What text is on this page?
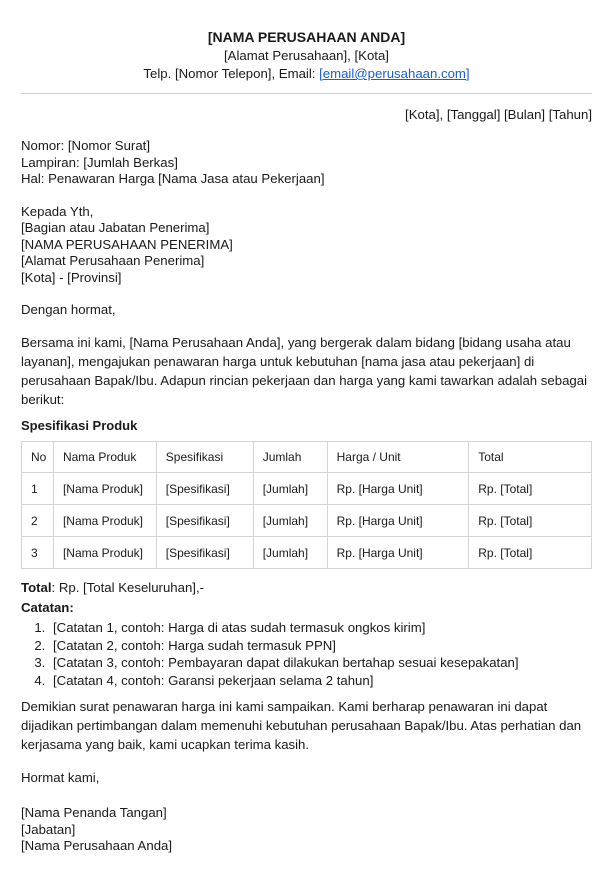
[NAMA PERUSAHAAN ANDA]
[Alamat Perusahaan], [Kota]
Telp. [Nomor Telepon], Email: [email@perusahaan.com]
[Kota], [Tanggal] [Bulan] [Tahun]
Nomor: [Nomor Surat]
Lampiran: [Jumlah Berkas]
Hal: Penawaran Harga [Nama Jasa atau Pekerjaan]
Kepada Yth,
[Bagian atau Jabatan Penerima]
[NAMA PERUSAHAAN PENERIMA]
[Alamat Perusahaan Penerima]
[Kota] - [Provinsi]
Dengan hormat,
Bersama ini kami, [Nama Perusahaan Anda], yang bergerak dalam bidang [bidang usaha atau layanan], mengajukan penawaran harga untuk kebutuhan [nama jasa atau pekerjaan] di perusahaan Bapak/Ibu. Adapun rincian pekerjaan dan harga yang kami tawarkan adalah sebagai berikut:
Spesifikasi Produk
No	Nama Produk	Spesifikasi	Jumlah	Harga / Unit	Total
1	[Nama Produk]	[Spesifikasi]	[Jumlah]	Rp. [Harga Unit]	Rp. [Total]
2	[Nama Produk]	[Spesifikasi]	[Jumlah]	Rp. [Harga Unit]	Rp. [Total]
3	[Nama Produk]	[Spesifikasi]	[Jumlah]	Rp. [Harga Unit]	Rp. [Total]
Total: Rp. [Total Keseluruhan],-
Catatan:
1. [Catatan 1, contoh: Harga di atas sudah termasuk ongkos kirim]
2. [Catatan 2, contoh: Harga sudah termasuk PPN]
3. [Catatan 3, contoh: Pembayaran dapat dilakukan bertahap sesuai kesepakatan]
4. [Catatan 4, contoh: Garansi pekerjaan selama 2 tahun]
Demikian surat penawaran harga ini kami sampaikan. Kami berharap penawaran ini dapat dijadikan pertimbangan dalam memenuhi kebutuhan perusahaan Bapak/Ibu. Atas perhatian dan kerjasama yang baik, kami ucapkan terima kasih.
Hormat kami,
[Nama Penanda Tangan]
[Jabatan]
[Nama Perusahaan Anda]
